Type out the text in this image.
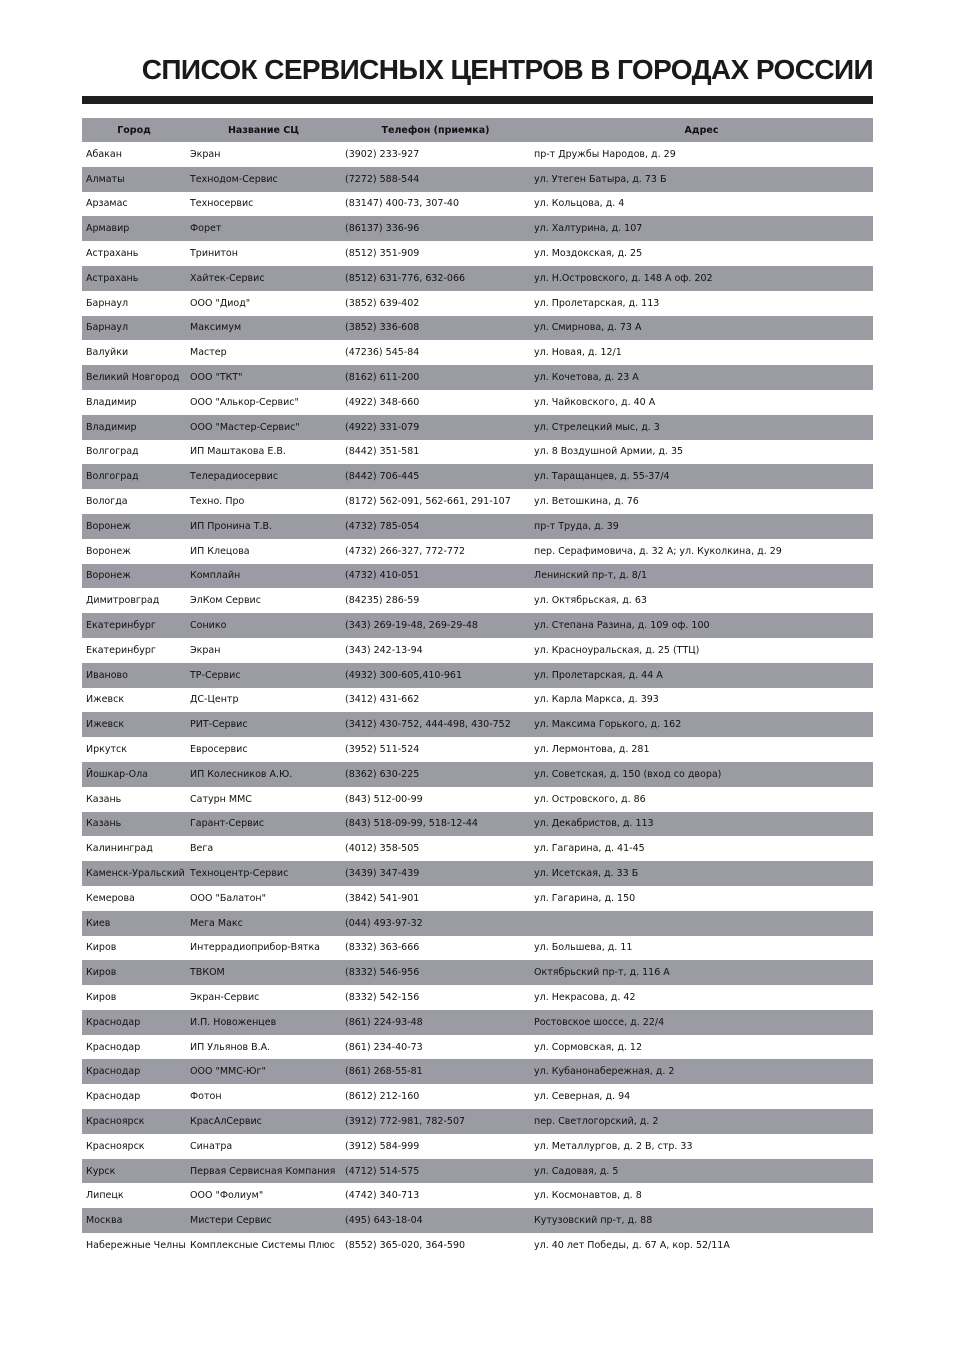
СПИСОК СЕРВИСНЫХ ЦЕНТРОВ В ГОРОДАХ РОССИИ
Город	Название СЦ	Телефон (приемка)	Адрес
Абакан	Экран	(3902) 233-927	пр-т Дружбы Народов, д. 29
Алматы	Технодом-Сервис	(7272) 588-544	ул. Утеген Батыра, д. 73 Б
Арзамас	Техносервис	(83147) 400-73, 307-40	ул. Кольцова, д. 4
Армавир	Форет	(86137) 336-96	ул. Халтурина, д. 107
Астрахань	Тринитон	(8512) 351-909	ул. Моздокская, д. 25
Астрахань	Хайтек-Сервис	(8512) 631-776, 632-066	ул. Н.Островского, д. 148 А оф. 202
Барнаул	ООО "Диод"	(3852) 639-402	ул. Пролетарская, д. 113
Барнаул	Максимум	(3852) 336-608	ул. Смирнова, д. 73 А
Валуйки	Мастер	(47236) 545-84	ул. Новая, д. 12/1
Великий Новгород	ООО "ТКТ"	(8162) 611-200	ул. Кочетова, д. 23 А
Владимир	ООО "Алькор-Сервис"	(4922) 348-660	ул. Чайковского, д. 40 А
Владимир	ООО "Мастер-Сервис"	(4922) 331-079	ул. Стрелецкий мыс, д. 3
Волгоград	ИП Маштакова Е.В.	(8442) 351-581	ул. 8 Воздушной Армии, д. 35
Волгоград	Телерадиосервис	(8442) 706-445	ул. Таращанцев, д. 55-37/4
Вологда	Техно. Про	(8172) 562-091, 562-661, 291-107	ул. Ветошкина, д. 76
Воронеж	ИП Пронина Т.В.	(4732) 785-054	пр-т Труда, д. 39
Воронеж	ИП Клецова	(4732) 266-327, 772-772	пер. Серафимовича, д. 32 А; ул. Куколкина, д. 29
Воронеж	Комплайн	(4732) 410-051	Ленинский пр-т, д. 8/1
Димитровград	ЭлКом Сервис	(84235) 286-59	ул. Октябрьская, д. 63
Екатеринбург	Сонико	(343) 269-19-48, 269-29-48	ул. Степана Разина, д. 109 оф. 100
Екатеринбург	Экран	(343) 242-13-94	ул. Красноуральская, д. 25 (ТТЦ)
Иваново	ТР-Сервис	(4932) 300-605,410-961	ул. Пролетарская, д. 44 А
Ижевск	ДС-Центр	(3412) 431-662	ул. Карла Маркса, д. 393
Ижевск	РИТ-Сервис	(3412) 430-752, 444-498, 430-752	ул. Максима Горького, д. 162
Иркутск	Евросервис	(3952) 511-524	ул. Лермонтова, д. 281
Йошкар-Ола	ИП Колесников А.Ю.	(8362) 630-225	ул. Советская, д. 150 (вход со двора)
Казань	Сатурн ММС	(843) 512-00-99	ул. Островского, д. 86
Казань	Гарант-Сервис	(843) 518-09-99, 518-12-44	ул. Декабристов, д. 113
Калининград	Вега	(4012) 358-505	ул. Гагарина, д. 41-45
Каменск-Уральский	Техноцентр-Сервис	(3439) 347-439	ул. Исетская, д. 33 Б
Кемерова	ООО "Балатон"	(3842) 541-901	ул. Гагарина, д. 150
Киев	Мега Макс	(044) 493-97-32	
Киров	Интеррадиоприбор-Вятка	(8332) 363-666	ул. Большева, д. 11
Киров	ТВКОМ	(8332) 546-956	Октябрьский пр-т, д. 116 А
Киров	Экран-Сервис	(8332) 542-156	ул. Некрасова, д. 42
Краснодар	И.П. Новоженцев	(861) 224-93-48	Ростовское шоссе, д. 22/4
Краснодар	ИП Ульянов В.А.	(861) 234-40-73	ул. Сормовская, д. 12
Краснодар	ООО "ММС-Юг"	(861) 268-55-81	ул. Кубанонабережная, д. 2
Краснодар	Фотон	(8612) 212-160	ул. Северная, д. 94
Красноярск	КрасАлСервис	(3912) 772-981, 782-507	пер. Светлогорский, д. 2
Красноярск	Синатра	(3912) 584-999	ул. Металлургов, д. 2 В, стр. 33
Курск	Первая Сервисная Компания	(4712) 514-575	ул. Садовая, д. 5
Липецк	ООО "Фолиум"	(4742) 340-713	ул. Космонавтов, д. 8
Москва	Мистери Сервис	(495) 643-18-04	Кутузовский пр-т, д. 88
Набережные Челны	Комплексные Системы Плюс	(8552) 365-020, 364-590	ул. 40 лет Победы, д. 67 А, кор. 52/11А
